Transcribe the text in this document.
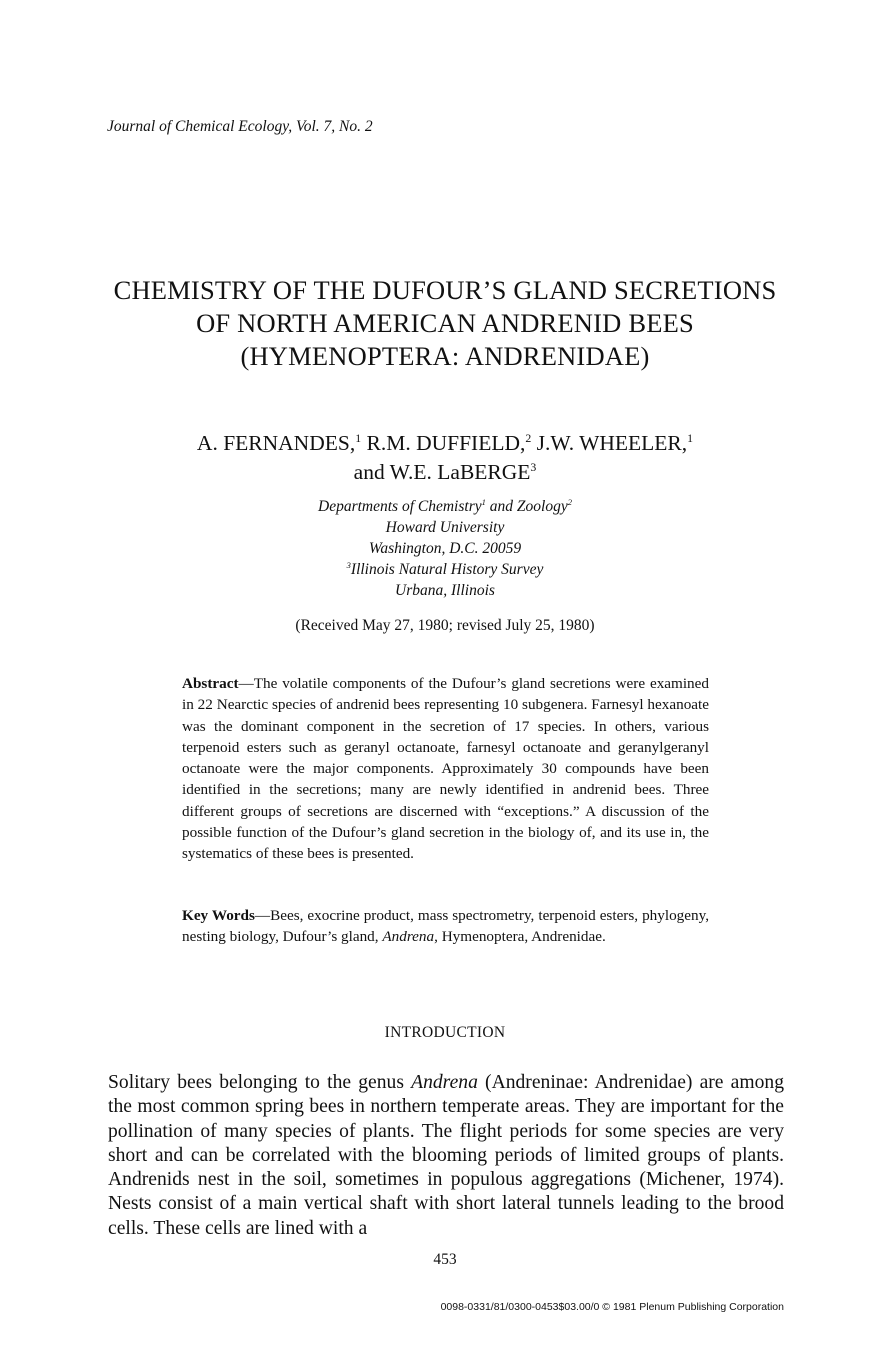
Journal of Chemical Ecology, Vol. 7, No. 2
CHEMISTRY OF THE DUFOUR’S GLAND SECRETIONS
OF NORTH AMERICAN ANDRENID BEES
(HYMENOPTERA: ANDRENIDAE)
A. FERNANDES,$^1$ R.M. DUFFIELD,$^2$ J.W. WHEELER,$^1$
and W.E. LaBERGE$^3$
Departments of Chemistry$^1$ and Zoology$^2$
Howard University
Washington, D.C. 20059
$^3$Illinois Natural History Survey
Urbana, Illinois
(Received May 27, 1980; revised July 25, 1980)
Abstract—The volatile components of the Dufour’s gland secretions were examined in 22 Nearctic species of andrenid bees representing 10 subgenera. Farnesyl hexanoate was the dominant component in the secretion of 17 species. In others, various terpenoid esters such as geranyl octanoate, farnesyl octanoate and geranylgeranyl octanoate were the major components. Approximately 30 compounds have been identified in the secretions; many are newly identified in andrenid bees. Three different groups of secretions are discerned with “exceptions.” A discussion of the possible function of the Dufour’s gland secretion in the biology of, and its use in, the systematics of these bees is presented.
Key Words—Bees, exocrine product, mass spectrometry, terpenoid esters, phylogeny, nesting biology, Dufour’s gland, Andrena, Hymenoptera, Andrenidae.
INTRODUCTION
Solitary bees belonging to the genus Andrena (Andreninae: Andrenidae) are among the most common spring bees in northern temperate areas. They are important for the pollination of many species of plants. The flight periods for some species are very short and can be correlated with the blooming periods of limited groups of plants. Andrenids nest in the soil, sometimes in populous aggregations (Michener, 1974). Nests consist of a main vertical shaft with short lateral tunnels leading to the brood cells. These cells are lined with a
453
0098-0331/81/0300-0453$03.00/0 © 1981 Plenum Publishing Corporation
